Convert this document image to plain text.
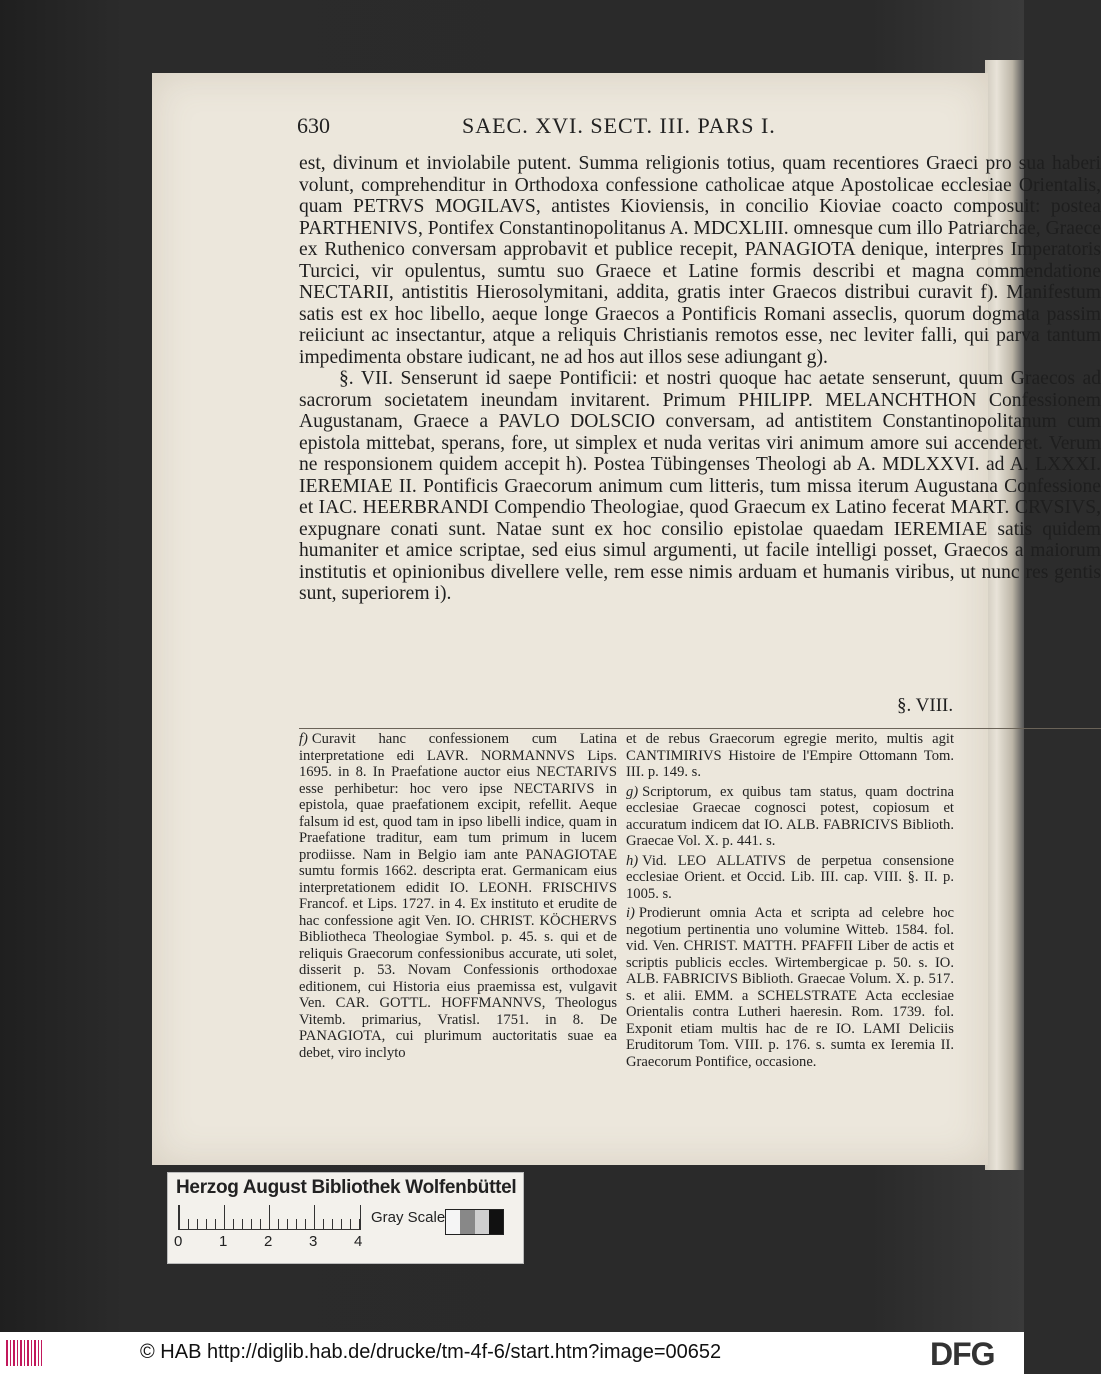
630	SAEC. XVI. SECT. III. PARS I.

est, divinum et inviolabile putent. Summa religionis totius, quam recentiores Graeci pro sua haberi volunt, comprehenditur in Orthodoxa confessione catholicae atque Apostolicae ecclesiae Orientalis, quam PETRVS MOGILAVS, antistes Kioviensis, in concilio Kioviae coacto composuit: postea PARTHENIVS, Pontifex Constantinopolitanus A. MDCXLIII. omnesque cum illo Patriarchae, Graece ex Ruthenico conversam approbavit et publice recepit, PANAGIOTA denique, interpres Imperatoris Turcici, vir opulentus, sumtu suo Graece et Latine formis describi et magna commendatione NECTARII, antistitis Hierosolymitani, addita, gratis inter Graecos distribui curavit f). Manifestum satis est ex hoc libello, aeque longe Graecos a Pontificis Romani asseclis, quorum dogmata passim reiiciunt ac insectantur, atque a reliquis Christianis remotos esse, nec leviter falli, qui parva tantum impedimenta obstare iudicant, ne ad hos aut illos sese adiungant g).

§. VII. Senserunt id saepe Pontificii: et nostri quoque hac aetate senserunt, quum Graecos ad sacrorum societatem ineundam invitarent. Primum PHILIPP. MELANCHTHON Confessionem Augustanam, Graece a PAVLO DOLSCIO conversam, ad antistitem Constantinopolitanum cum epistola mittebat, sperans, fore, ut simplex et nuda veritas viri animum amore sui accenderet. Verum ne responsionem quidem accepit h). Postea Tübingenses Theologi ab A. MDLXXVI. ad A. LXXXI. IEREMIAE II. Pontificis Graecorum animum cum litteris, tum missa iterum Augustana Confessione et IAC. HEERBRANDI Compendio Theologiae, quod Graecum ex Latino fecerat MART. CRVSIVS, expugnare conati sunt. Natae sunt ex hoc consilio epistolae quaedam IEREMIAE satis quidem humaniter et amice scriptae, sed eius simul argumenti, ut facile intelligi posset, Graecos a maiorum institutis et opinionibus divellere velle, rem esse nimis arduam et humanis viribus, ut nunc res gentis sunt, superiorem i).

§. VIII.

f) Curavit hanc confessionem cum Latina interpretatione edi LAVR. NORMANNVS Lips. 1695. in 8. In Praefatione auctor eius NECTARIVS esse perhibetur: hoc vero ipse NECTARIVS in epistola, quae praefationem excipit, refellit. Aeque falsum id est, quod tam in ipso libelli indice, quam in Praefatione traditur, eam tum primum in lucem prodiisse. Nam in Belgio iam ante PANAGIOTAE sumtu formis 1662. descripta erat. Germanicam eius interpretationem edidit IO. LEONH. FRISCHIVS Francof. et Lips. 1727. in 4. Ex instituto et erudite de hac confessione agit Ven. IO. CHRIST. KÖCHERVS Bibliotheca Theologiae Symbol. p. 45. s. qui et de reliquis Graecorum confessionibus accurate, uti solet, disserit p. 53. Novam Confessionis orthodoxae editionem, cui Historia eius praemissa est, vulgavit Ven. CAR. GOTTL. HOFFMANNVS, Theologus Vitemb. primarius, Vratisl. 1751. in 8. De PANAGIOTA, cui plurimum auctoritatis suae ea debet, viro inclyto

et de rebus Graecorum egregie merito, multis agit CANTIMIRIVS Histoire de l'Empire Ottomann Tom. III. p. 149. s.

g) Scriptorum, ex quibus tam status, quam doctrina ecclesiae Graecae cognosci potest, copiosum et accuratum indicem dat IO. ALB. FABRICIVS Biblioth. Graecae Vol. X. p. 441. s.

h) Vid. LEO ALLATIVS de perpetua consensione ecclesiae Orient. et Occid. Lib. III. cap. VIII. §. II. p. 1005. s.

i) Prodierunt omnia Acta et scripta ad celebre hoc negotium pertinentia uno volumine Witteb. 1584. fol. vid. Ven. CHRIST. MATTH. PFAFFII Liber de actis et scriptis publicis eccles. Wirtembergicae p. 50. s. IO. ALB. FABRICIVS Biblioth. Graecae Volum. X. p. 517. s. et alii. EMM. a SCHELSTRATE Acta ecclesiae Orientalis contra Lutheri haeresin. Rom. 1739. fol. Exponit etiam multis hac de re IO. LAMI Deliciis Eruditorum Tom. VIII. p. 176. s. sumta ex Ieremia II. Graecorum Pontifice, occasione.

Herzog August Bibliothek Wolfenbüttel
0 1 2 3 4
Gray Scale
© HAB http://diglib.hab.de/drucke/tm-4f-6/start.htm?image=00652	DFG
